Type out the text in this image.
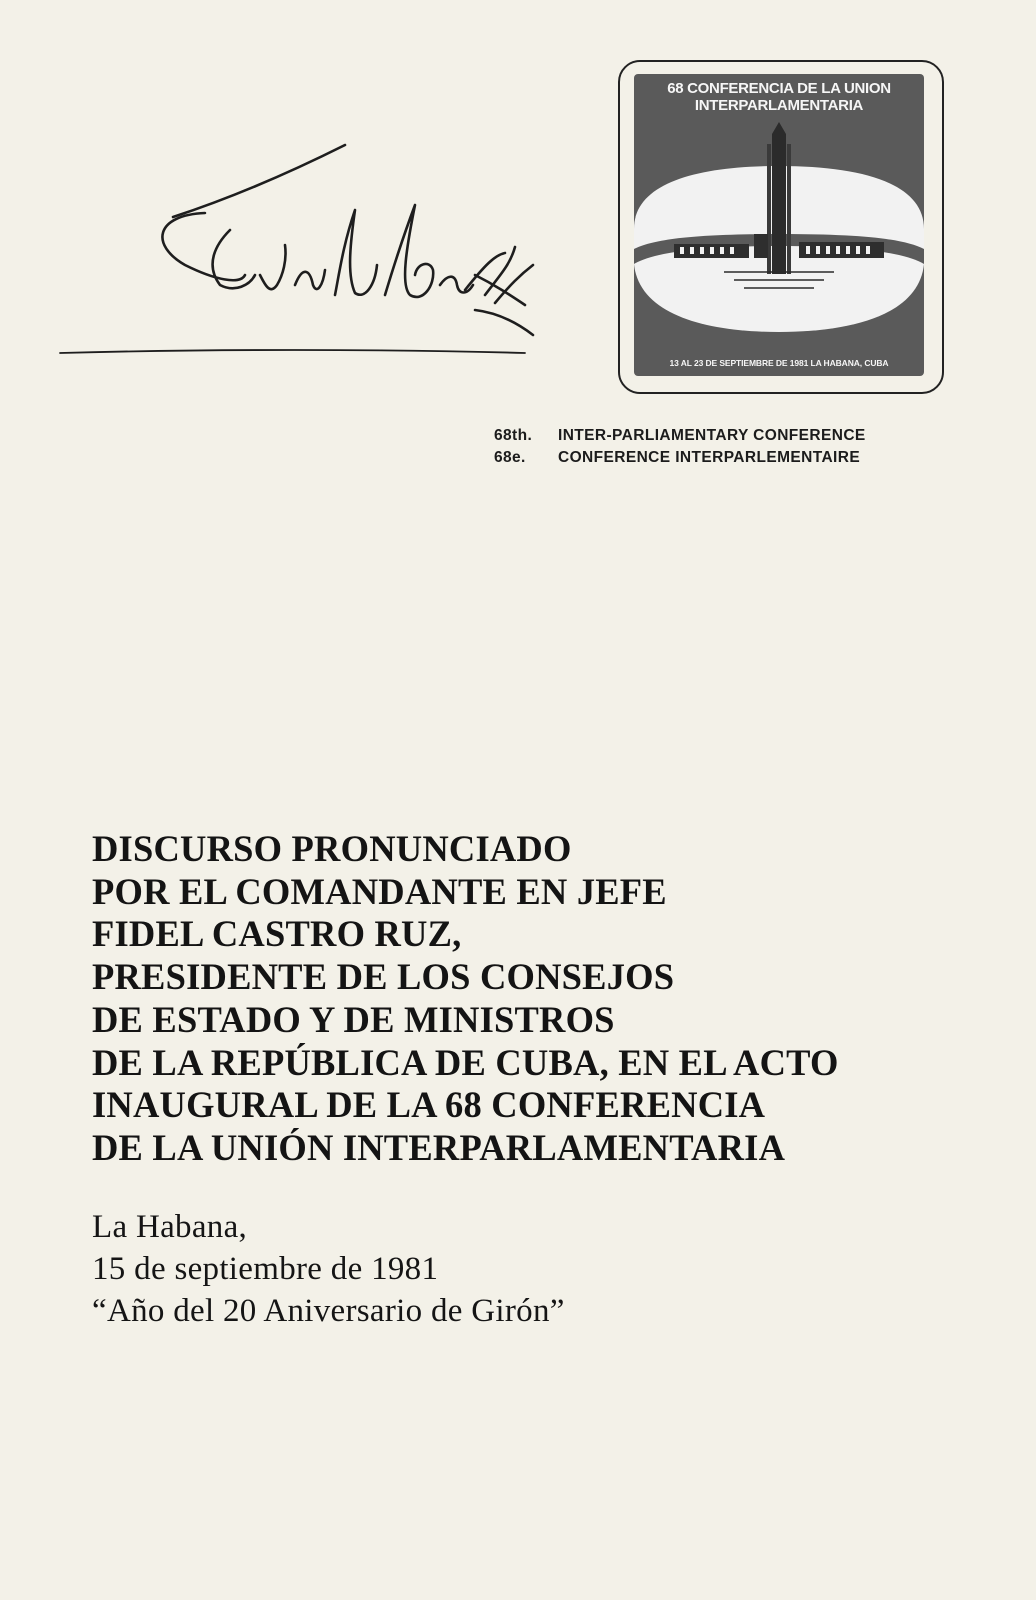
68 CONFERENCIA DE LA UNION
INTERPARLAMENTARIA
13 AL 23 DE SEPTIEMBRE DE 1981 LA HABANA, CUBA
68th.	INTER-PARLIAMENTARY CONFERENCE
68e.	CONFERENCE INTERPARLEMENTAIRE
DISCURSO PRONUNCIADO
POR EL COMANDANTE EN JEFE
FIDEL CASTRO RUZ,
PRESIDENTE DE LOS CONSEJOS
DE ESTADO Y DE MINISTROS
DE LA REPÚBLICA DE CUBA, EN EL ACTO
INAUGURAL DE LA 68 CONFERENCIA
DE LA UNIÓN INTERPARLAMENTARIA
La Habana,
15 de septiembre de 1981
“Año del 20 Aniversario de Girón”
